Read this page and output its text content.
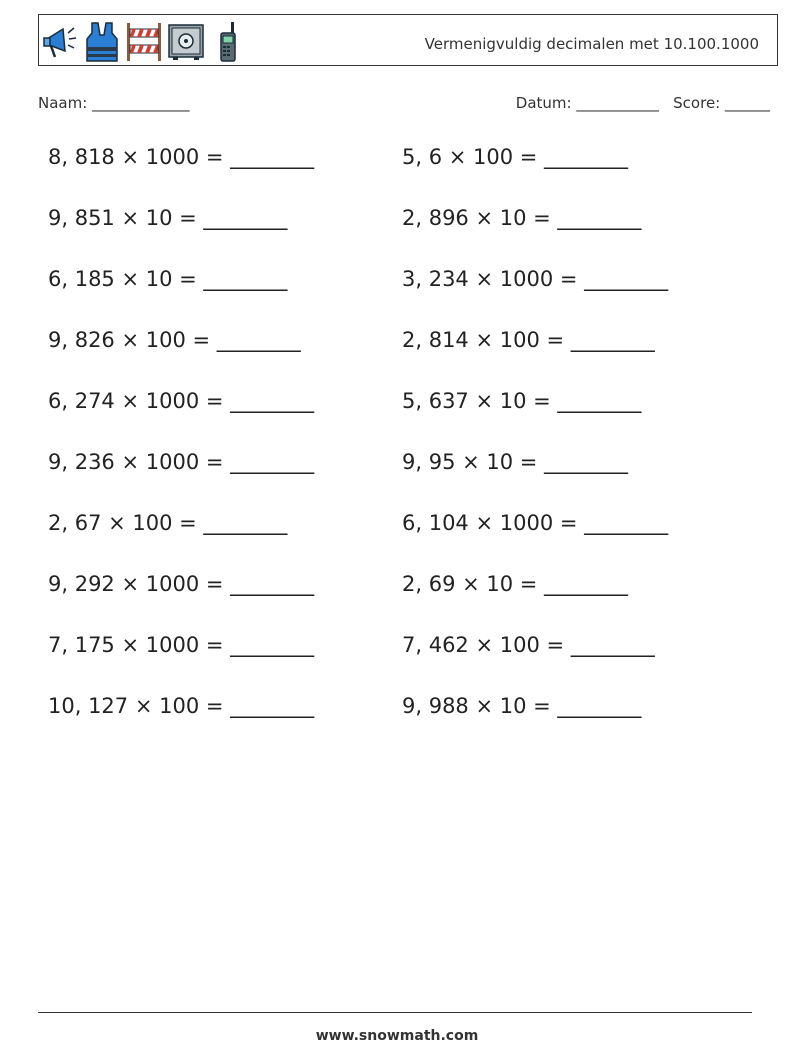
Vermenigvuldig decimalen met 10.100.1000
Naam: _____________	Datum: ___________ Score: ______
8, 818 × 1000 = ________	5, 6 × 100 = ________
9, 851 × 10 = ________	2, 896 × 10 = ________
6, 185 × 10 = ________	3, 234 × 1000 = ________
9, 826 × 100 = ________	2, 814 × 100 = ________
6, 274 × 1000 = ________	5, 637 × 10 = ________
9, 236 × 1000 = ________	9, 95 × 10 = ________
2, 67 × 100 = ________	6, 104 × 1000 = ________
9, 292 × 1000 = ________	2, 69 × 10 = ________
7, 175 × 1000 = ________	7, 462 × 100 = ________
10, 127 × 100 = ________	9, 988 × 10 = ________
www.snowmath.com
